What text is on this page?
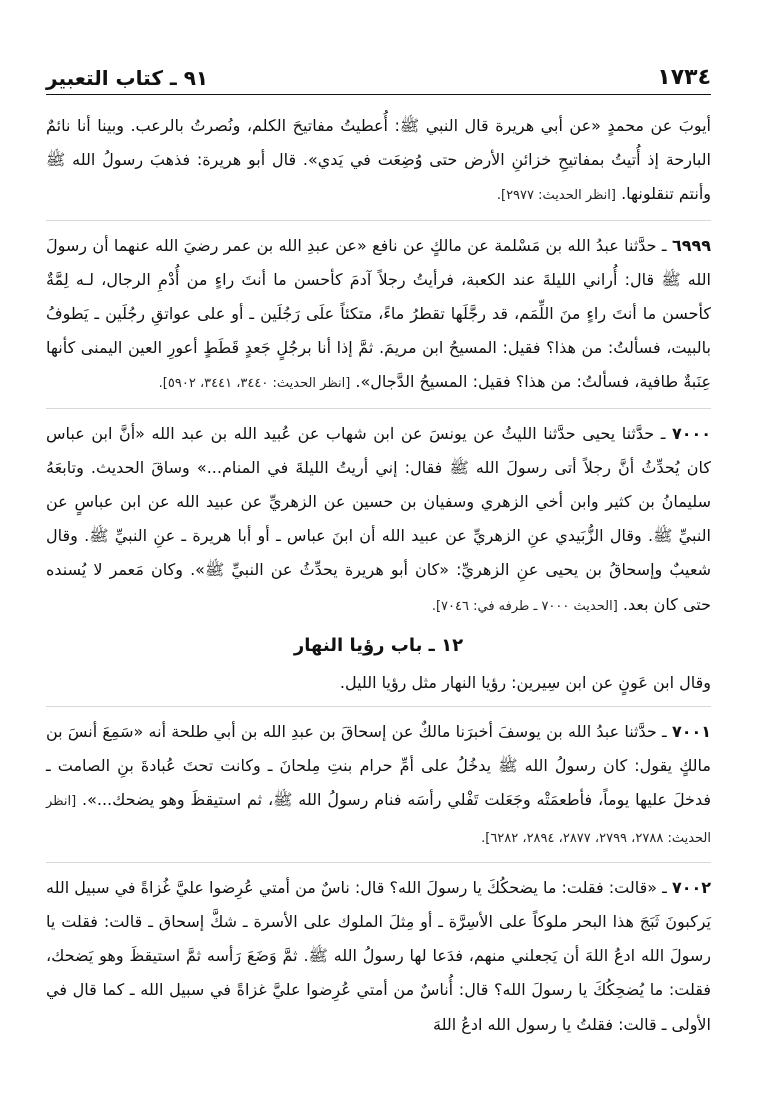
١٧٣٤
٩١ ـ كتاب التعبير

أيوبَ عن محمدٍ «عن أبي هريرة قال النبي ﷺ: أُعطيتُ مفاتيحَ الكلم، ونُصرتُ بالرعب. وبينا أنا نائمٌ البارحة إذ أُتيتُ بمفاتيحِ خزائنِ الأرض حتى وُضِعَت في يَدي». قال أبو هريرة: فذهبَ رسولُ الله ﷺ وأنتم تنقلونها. [انظر الحديث: ٢٩٧٧].

٦٩٩٩ ـ حدَّثنا عبدُ الله بن مَسْلمة عن مالكٍ عن نافع «عن عبدِ الله بن عمر رضيَ الله عنهما أن رسولَ الله ﷺ قال: أُراني الليلةَ عند الكعبة، فرأيتُ رجلاً آدمَ كأحسن ما أنتَ راءٍ من أُدْمِ الرجال، لـه لِمَّةٌ كأحسن ما أنتَ راءٍ منَ اللِّمَم، قد رجَّلَها تقطرُ ماءً، متكئاً علَى رَجُلَين ـ أو على عواتقِ رجُلَين ـ يَطوفُ بالبيت، فسألتُ: من هذا؟ فقيل: المسيحُ ابن مريمَ. ثمَّ إذا أنا برجُلٍ جَعدٍ قَطَطٍ أعورِ العين اليمنى كأنها عِنَبةٌ طافية، فسألتُ: من هذا؟ فقيل: المسيحُ الدَّجال». [انظر الحديث: ٣٤٤٠، ٣٤٤١، ٥٩٠٢].

٧٠٠٠ ـ حدَّثنا يحيى حدَّثنا الليثُ عن يونسَ عن ابن شهاب عن عُبيد الله بن عبد الله «أنَّ ابن عباس كان يُحدِّثُ أنَّ رجلاً أتى رسولَ الله ﷺ فقال: إني أريتُ الليلةَ في المنام...» وساقَ الحديث. وتابعَهُ سليمانُ بن كثير وابن أخي الزهري وسفيان بن حسين عن الزهريِّ عن عبيد الله عن ابن عباسٍ عن النبيِّ ﷺ. وقال الزُّبَيدي عنِ الزهريِّ عن عبيد الله أن ابنَ عباس ـ أو أبا هريرة ـ عنِ النبيِّ ﷺ. وقال شعيبٌ وإسحاقُ بن يحيى عنِ الزهريِّ: «كان أبو هريرة يحدِّثُ عن النبيِّ ﷺ». وكان مَعمر لا يُسنده حتى كان بعد. [الحديث ٧٠٠٠ ـ طرفه في: ٧٠٤٦].

١٢ ـ باب رؤيا النهار

وقال ابن عَونٍ عن ابن سِيرين: رؤيا النهار مثل رؤيا الليل.

٧٠٠١ ـ حدَّثنا عبدُ الله بن يوسفَ أخبرَنا مالكٌ عن إسحاقَ بن عبدِ الله بن أبي طلحة أنه «سَمِعَ أنسَ بن مالكٍ يقول: كان رسولُ الله ﷺ يدخُلُ على أمِّ حرام بنتِ مِلحانَ ـ وكانت تحتَ عُبادةَ بنِ الصامت ـ فدخلَ عليها يوماً، فأطعمَتْه وجَعَلت تَفْلي رأسَه فنام رسولُ الله ﷺ، ثم استيقظَ وهو يضحك...». [انظر الحديث: ٢٧٨٨، ٢٧٩٩، ٢٨٧٧، ٢٨٩٤، ٦٢٨٢].

٧٠٠٢ ـ «قالت: فقلت: ما يضحكُكَ يا رسولَ الله؟ قال: ناسٌ من أمتي عُرِضوا عليَّ غُزاةً في سبيل الله يَركبونَ ثَبَجَ هذا البحر ملوكاً على الأسِرَّة ـ أو مِثلَ الملوك على الأسرة ـ شكَّ إسحاق ـ قالت: فقلت يا رسولَ الله ادعُ اللهَ أن يَجعلني منهم، فدَعا لها رسولُ الله ﷺ. ثمَّ وَضَعَ رَأسه ثمَّ استيقظَ وهو يَضحك، فقلت: ما يُضحِكُكَ يا رسولَ الله؟ قال: أُناسٌ من أمتي عُرِضوا عليَّ غزاةً في سبيل الله ـ كما قال في الأولى ـ قالت: فقلتُ يا رسول الله ادعُ اللهَ
